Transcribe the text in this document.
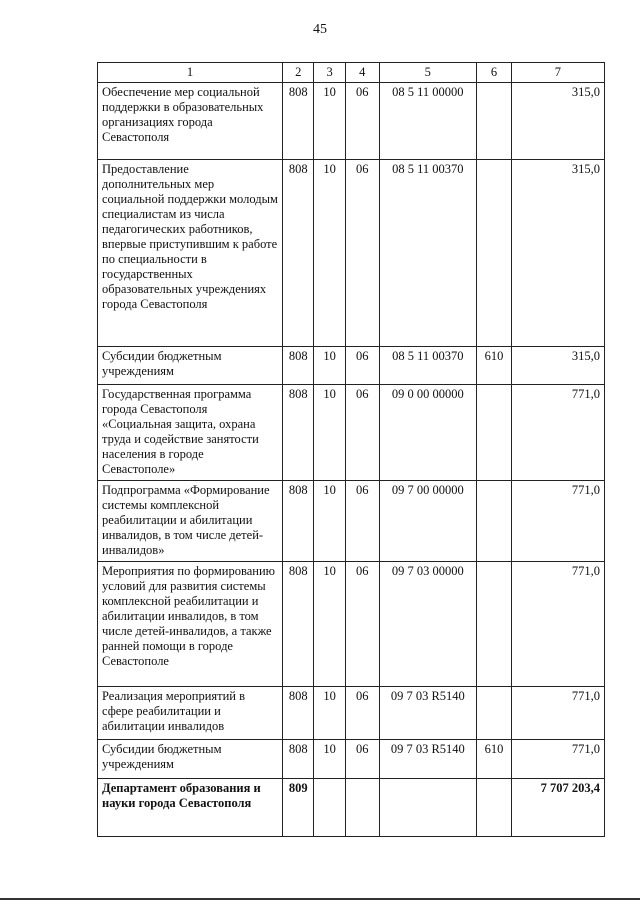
45
1	2	3	4	5	6	7
Обеспечение мер социальной поддержки в образовательных организациях города Севастополя	808	10	06	08 5 11 00000		315,0
Предоставление дополнительных мер социальной поддержки молодым специалистам из числа педагогических работников, впервые приступившим к работе по специальности в государственных образовательных учреждениях города Севастополя	808	10	06	08 5 11 00370		315,0
Субсидии бюджетным учреждениям	808	10	06	08 5 11 00370	610	315,0
Государственная программа города Севастополя «Социальная защита, охрана труда и содействие занятости населения в городе Севастополе»	808	10	06	09 0 00 00000		771,0
Подпрограмма «Формирование системы комплексной реабилитации и абилитации инвалидов, в том числе детей-инвалидов»	808	10	06	09 7 00 00000		771,0
Мероприятия по формированию условий для развития системы комплексной реабилитации и абилитации инвалидов, в том числе детей-инвалидов, а также ранней помощи в городе Севастополе	808	10	06	09 7 03 00000		771,0
Реализация мероприятий в сфере реабилитации и абилитации инвалидов	808	10	06	09 7 03 R5140		771,0
Субсидии бюджетным учреждениям	808	10	06	09 7 03 R5140	610	771,0
Департамент образования и науки города Севастополя	809					7 707 203,4
